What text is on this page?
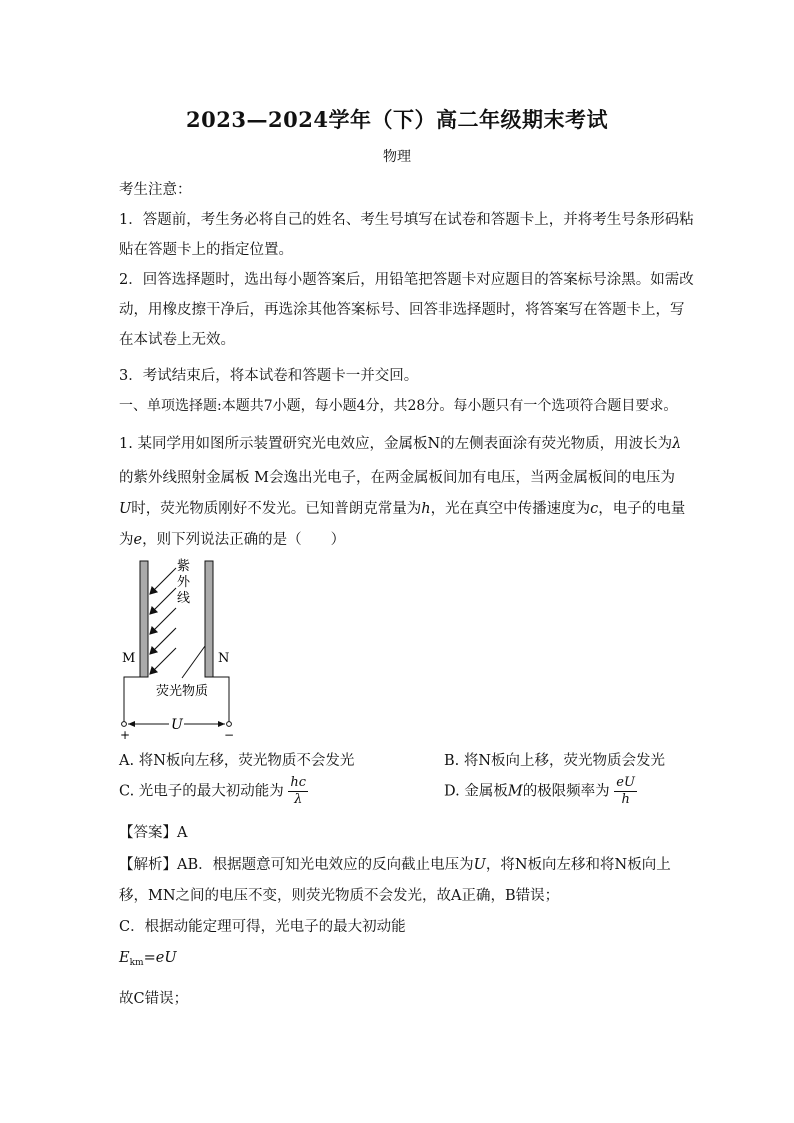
2023—2024学年（下）高二年级期末考试
物理
考生注意：
1．答题前，考生务必将自己的姓名、考生号填写在试卷和答题卡上，并将考生号条形码粘
贴在答题卡上的指定位置。
2．回答选择题时，选出每小题答案后，用铅笔把答题卡对应题目的答案标号涂黑。如需改
动，用橡皮擦干净后，再选涂其他答案标号、回答非选择题时，将答案写在答题卡上，写
在本试卷上无效。
3．考试结束后，将本试卷和答题卡一并交回。
一、单项选择题:本题共7小题，每小题4分，共28分。每小题只有一个选项符合题目要求。
1. 某同学用如图所示装置研究光电效应，金属板N的左侧表面涂有荧光物质，用波长为λ
的紫外线照射金属板 M会逸出光电子，在两金属板间加有电压，当两金属板间的电压为
U时，荧光物质刚好不发光。已知普朗克常量为h，光在真空中传播速度为c，电子的电量
为e，则下列说法正确的是（　　）
紫
外
线
荧光物质
M	N
U
+	−
A. 将N板向左移，荧光物质不会发光	B. 将N板向上移，荧光物质会发光
C. 光电子的最大初动能为 $\frac{hc}{\lambda}$	D. 金属板M的极限频率为 $\frac{eU}{h}$
【答案】A
【解析】AB．根据题意可知光电效应的反向截止电压为U，将N板向左移和将N板向上
移，MN之间的电压不变，则荧光物质不会发光，故A正确，B错误；
C．根据动能定理可得，光电子的最大初动能
$E_{km}=eU$
故C错误；
